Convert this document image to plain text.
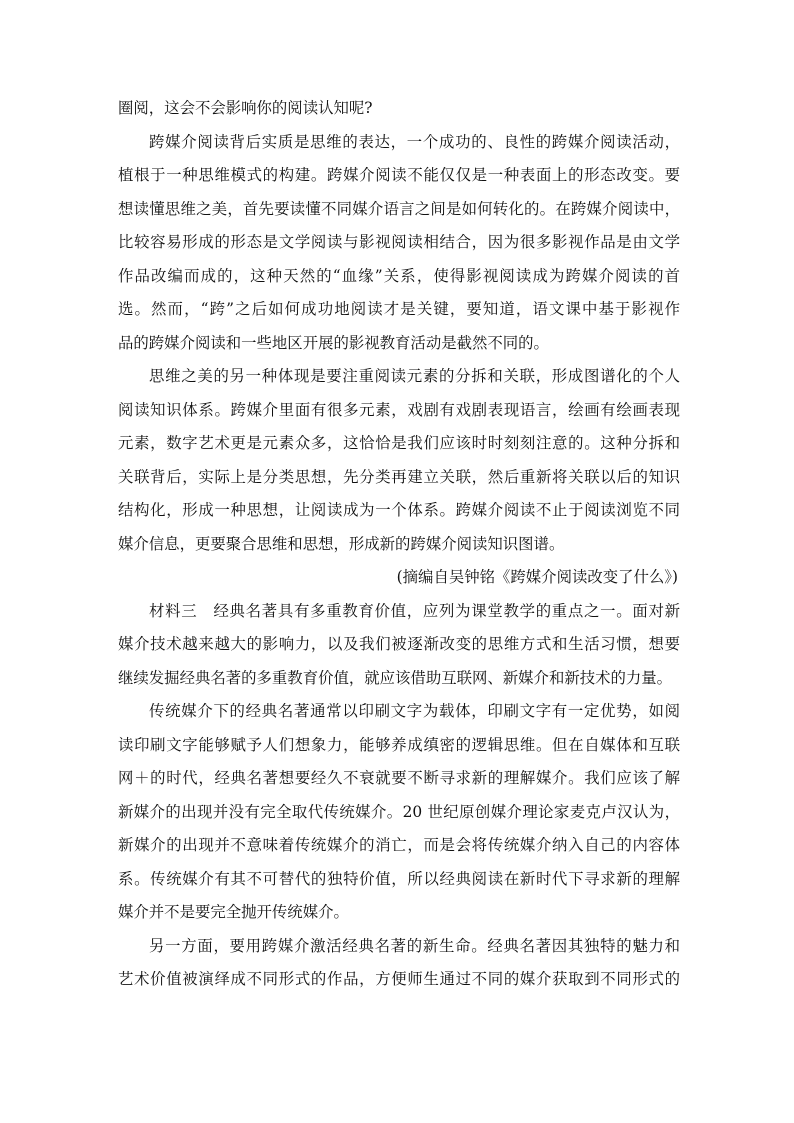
圈阅，这会不会影响你的阅读认知呢?
跨媒介阅读背后实质是思维的表达，一个成功的、良性的跨媒介阅读活动，
植根于一种思维模式的构建。跨媒介阅读不能仅仅是一种表面上的形态改变。要
想读懂思维之美，首先要读懂不同媒介语言之间是如何转化的。在跨媒介阅读中，
比较容易形成的形态是文学阅读与影视阅读相结合，因为很多影视作品是由文学
作品改编而成的，这种天然的“血缘”关系，使得影视阅读成为跨媒介阅读的首
选。然而，“跨”之后如何成功地阅读才是关键，要知道，语文课中基于影视作
品的跨媒介阅读和一些地区开展的影视教育活动是截然不同的。
思维之美的另一种体现是要注重阅读元素的分拆和关联，形成图谱化的个人
阅读知识体系。跨媒介里面有很多元素，戏剧有戏剧表现语言，绘画有绘画表现
元素，数字艺术更是元素众多，这恰恰是我们应该时时刻刻注意的。这种分拆和
关联背后，实际上是分类思想，先分类再建立关联，然后重新将关联以后的知识
结构化，形成一种思想，让阅读成为一个体系。跨媒介阅读不止于阅读浏览不同
媒介信息，更要聚合思维和思想，形成新的跨媒介阅读知识图谱。
(摘编自吴钟铭《跨媒介阅读改变了什么》)
材料三　经典名著具有多重教育价值，应列为课堂教学的重点之一。面对新
媒介技术越来越大的影响力，以及我们被逐渐改变的思维方式和生活习惯，想要
继续发掘经典名著的多重教育价值，就应该借助互联网、新媒介和新技术的力量。
传统媒介下的经典名著通常以印刷文字为载体，印刷文字有一定优势，如阅
读印刷文字能够赋予人们想象力，能够养成缜密的逻辑思维。但在自媒体和互联
网＋的时代，经典名著想要经久不衰就要不断寻求新的理解媒介。我们应该了解
新媒介的出现并没有完全取代传统媒介。20 世纪原创媒介理论家麦克卢汉认为，
新媒介的出现并不意味着传统媒介的消亡，而是会将传统媒介纳入自己的内容体
系。传统媒介有其不可替代的独特价值，所以经典阅读在新时代下寻求新的理解
媒介并不是要完全抛开传统媒介。
另一方面，要用跨媒介激活经典名著的新生命。经典名著因其独特的魅力和
艺术价值被演绎成不同形式的作品，方便师生通过不同的媒介获取到不同形式的
